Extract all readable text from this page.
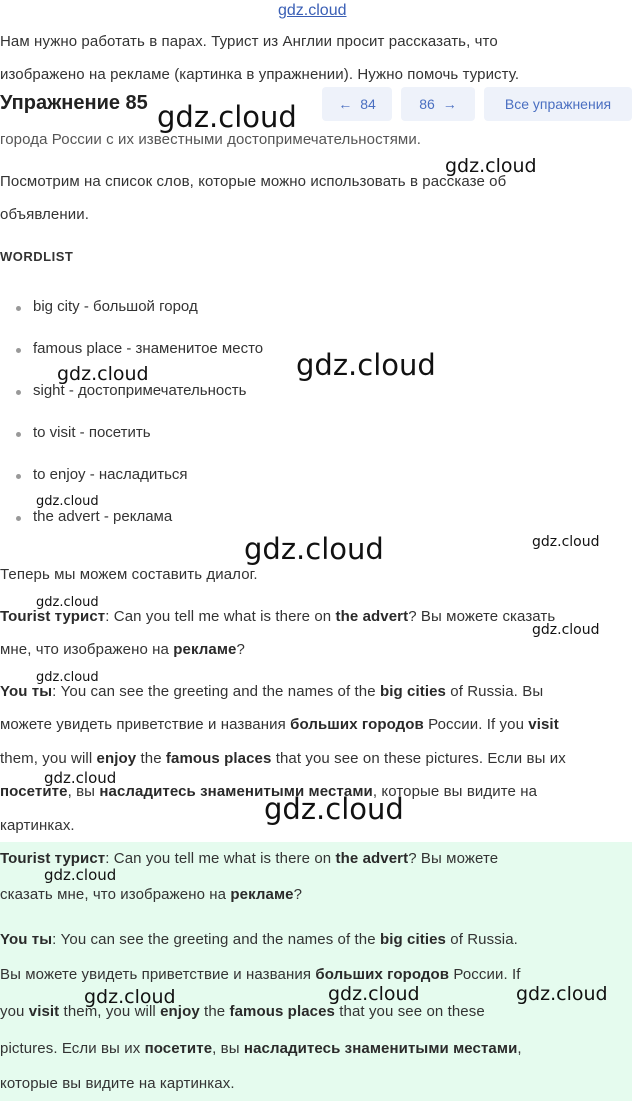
gdz.cloud
Нам нужно работать в парах. Турист из Англии просит рассказать, что
изображено на рекламе (картинка в упражнении). Нужно помочь туристу.
города России с их известными достопримечательностями.
Упражнение 85	← 84	86 →	Все упражнения
Посмотрим на список слов, которые можно использовать в рассказе об
объявлении.
WORDLIST
big city - большой город
famous place - знаменитое место
sight - достопримечательность
to visit - посетить
to enjoy - насладиться
the advert - реклама
Теперь мы можем составить диалог.
Tourist турист: Can you tell me what is there on the advert? Вы можете сказать
мне, что изображено на рекламе?
You ты: You can see the greeting and the names of the big cities of Russia. Вы
можете увидеть приветствие и названия больших городов России. If you visit
them, you will enjoy the famous places that you see on these pictures. Если вы их
посетите, вы насладитесь знаменитыми местами, которые вы видите на
картинках.
Tourist турист: Can you tell me what is there on the advert? Вы можете
сказать мне, что изображено на рекламе?
You ты: You can see the greeting and the names of the big cities of Russia.
Вы можете увидеть приветствие и названия больших городов России. If
you visit them, you will enjoy the famous places that you see on these
pictures. Если вы их посетите, вы насладитесь знаменитыми местами,
которые вы видите на картинках.
gdz.cloud
gdz.cloud
gdz.cloud
gdz.cloud
gdz.cloud
gdz.cloud	gdz.cloud
gdz.cloud
gdz.cloud
gdz.cloud
gdz.cloud
gdz.cloud
gdz.cloud
gdz.cloud	gdz.cloud	gdz.cloud
